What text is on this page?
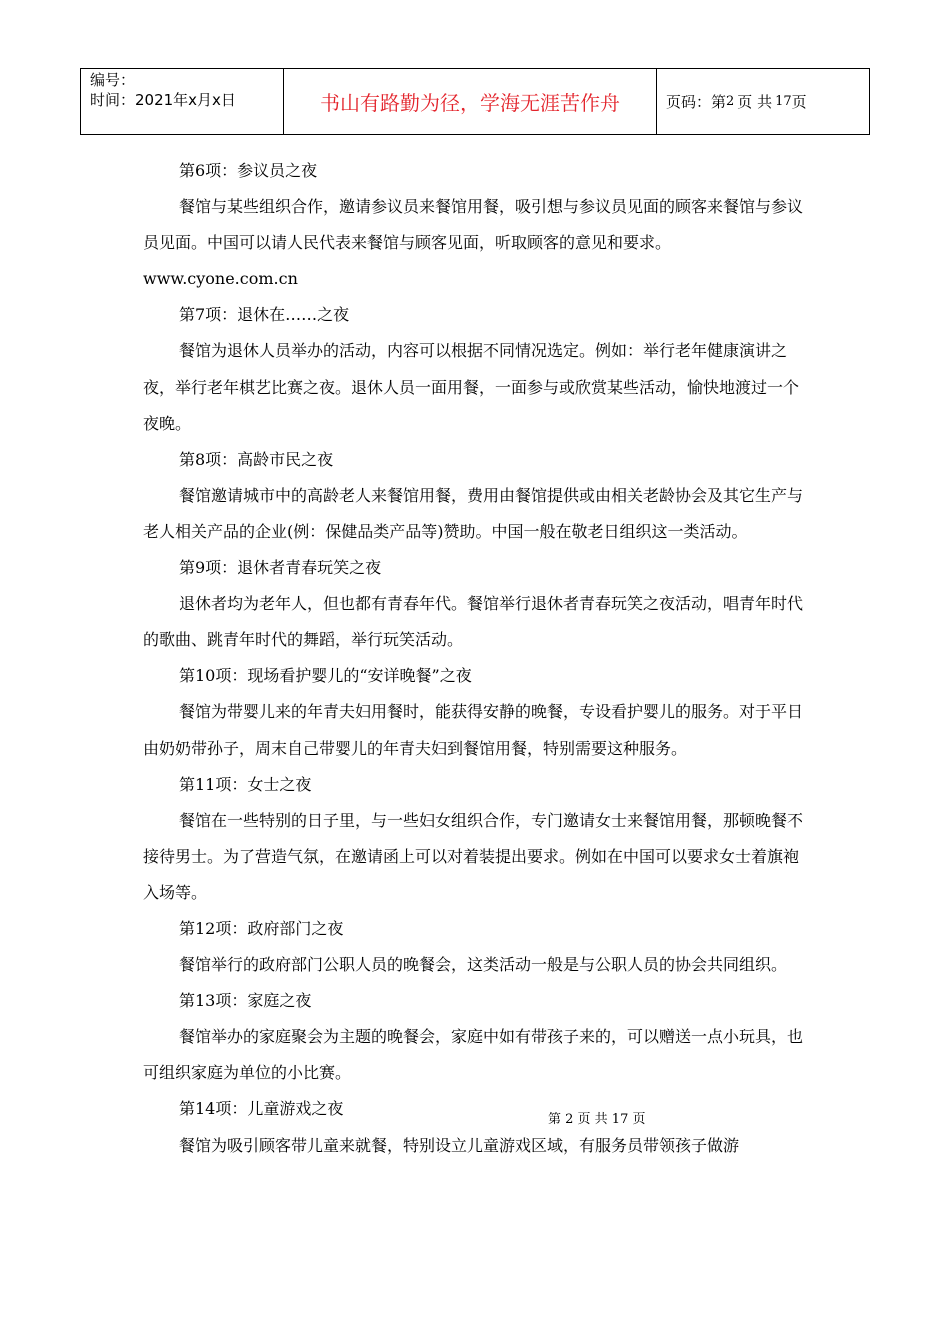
编号：
时间：2021年x月x日	书山有路勤为径，学海无涯苦作舟	页码：第 2 页 共 17 页

第6项：参议员之夜

餐馆与某些组织合作，邀请参议员来餐馆用餐，吸引想与参议员见面的顾客来餐馆与参议员见面。中国可以请人民代表来餐馆与顾客见面，听取顾客的意见和要求。

www.cyone.com.cn

第7项：退休在……之夜

餐馆为退休人员举办的活动，内容可以根据不同情况选定。例如：举行老年健康演讲之夜，举行老年棋艺比赛之夜。退休人员一面用餐，一面参与或欣赏某些活动，愉快地渡过一个夜晚。

第8项：高龄市民之夜

餐馆邀请城市中的高龄老人来餐馆用餐，费用由餐馆提供或由相关老龄协会及其它生产与老人相关产品的企业(例：保健品类产品等)赞助。中国一般在敬老日组织这一类活动。

第9项：退休者青春玩笑之夜

退休者均为老年人，但也都有青春年代。餐馆举行退休者青春玩笑之夜活动，唱青年时代的歌曲、跳青年时代的舞蹈，举行玩笑活动。

第10项：现场看护婴儿的“安详晚餐”之夜

餐馆为带婴儿来的年青夫妇用餐时，能获得安静的晚餐，专设看护婴儿的服务。对于平日由奶奶带孙子，周末自己带婴儿的年青夫妇到餐馆用餐，特别需要这种服务。

第11项：女士之夜

餐馆在一些特别的日子里，与一些妇女组织合作，专门邀请女士来餐馆用餐，那顿晚餐不接待男士。为了营造气氛，在邀请函上可以对着装提出要求。例如在中国可以要求女士着旗袍入场等。

第12项：政府部门之夜

餐馆举行的政府部门公职人员的晚餐会，这类活动一般是与公职人员的协会共同组织。

第13项：家庭之夜

餐馆举办的家庭聚会为主题的晚餐会，家庭中如有带孩子来的，可以赠送一点小玩具，也可组织家庭为单位的小比赛。

第14项：儿童游戏之夜

餐馆为吸引顾客带儿童来就餐，特别设立儿童游戏区域，有服务员带领孩子做游

第 2 页 共 17 页
